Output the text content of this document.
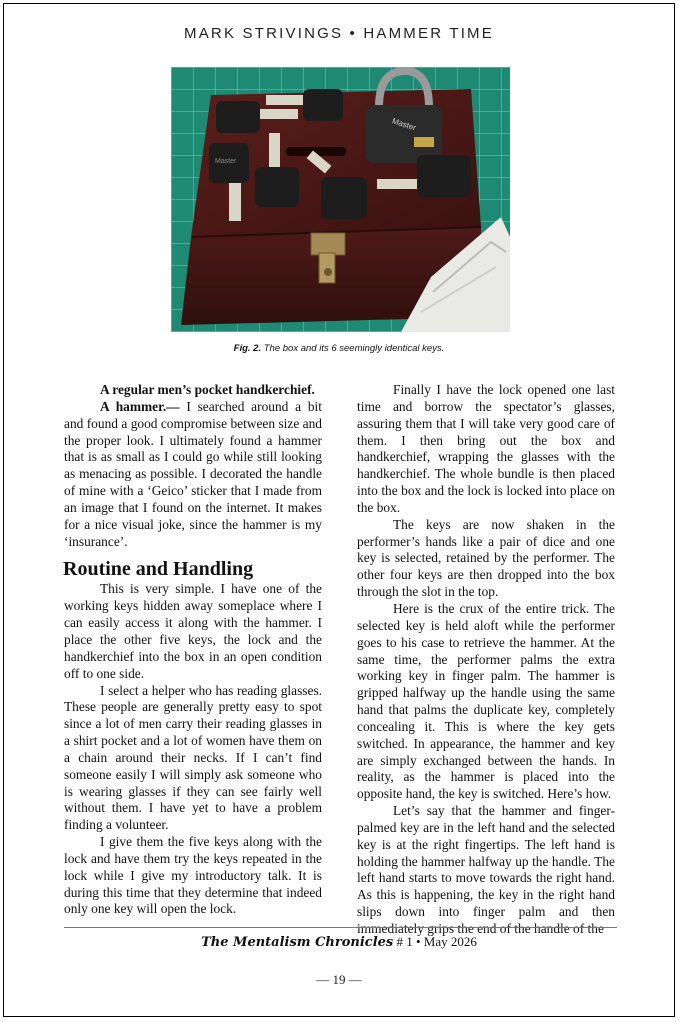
MARK STRIVINGS • HAMMER TIME
Master
Master
Fig. 2. The box and its 6 seemingly identical keys.

A regular men’s pocket handkerchief.

A hammer.— I searched around a bit and found a good compromise between size and the proper look. I ultimately found a hammer that is as small as I could go while still looking as menacing as possible. I decorated the handle of mine with a ‘Geico’ sticker that I made from an image that I found on the internet. It makes for a nice visual joke, since the hammer is my ‘insurance’.

Routine and Handling

This is very simple. I have one of the working keys hidden away someplace where I can easily access it along with the hammer. I place the other five keys, the lock and the handkerchief into the box in an open condition off to one side.

I select a helper who has reading glasses. These people are generally pretty easy to spot since a lot of men carry their reading glasses in a shirt pocket and a lot of women have them on a chain around their necks. If I can’t find someone easily I will simply ask someone who is wearing glasses if they can see fairly well without them. I have yet to have a problem finding a volunteer.

I give them the five keys along with the lock and have them try the keys repeated in the lock while I give my introductory talk. It is during this time that they determine that indeed only one key will open the lock.

Finally I have the lock opened one last time and borrow the spectator’s glasses, assuring them that I will take very good care of them. I then bring out the box and handkerchief, wrapping the glasses with the handkerchief. The whole bundle is then placed into the box and the lock is locked into place on the box.

The keys are now shaken in the performer’s hands like a pair of dice and one key is selected, retained by the performer. The other four keys are then dropped into the box through the slot in the top.

Here is the crux of the entire trick. The selected key is held aloft while the performer goes to his case to retrieve the hammer. At the same time, the performer palms the extra working key in finger palm. The hammer is gripped halfway up the handle using the same hand that palms the duplicate key, completely concealing it. This is where the key gets switched. In appearance, the hammer and key are simply exchanged between the hands. In reality, as the hammer is placed into the opposite hand, the key is switched. Here’s how.

Let’s say that the hammer and finger-palmed key are in the left hand and the selected key is at the right fingertips. The left hand is holding the hammer halfway up the handle. The left hand starts to move towards the right hand. As this is happening, the key in the right hand slips down into finger palm and then immediately grips the end of the handle of the

The Mentalism Chronicles # 1 • May 2026
— 19 —
